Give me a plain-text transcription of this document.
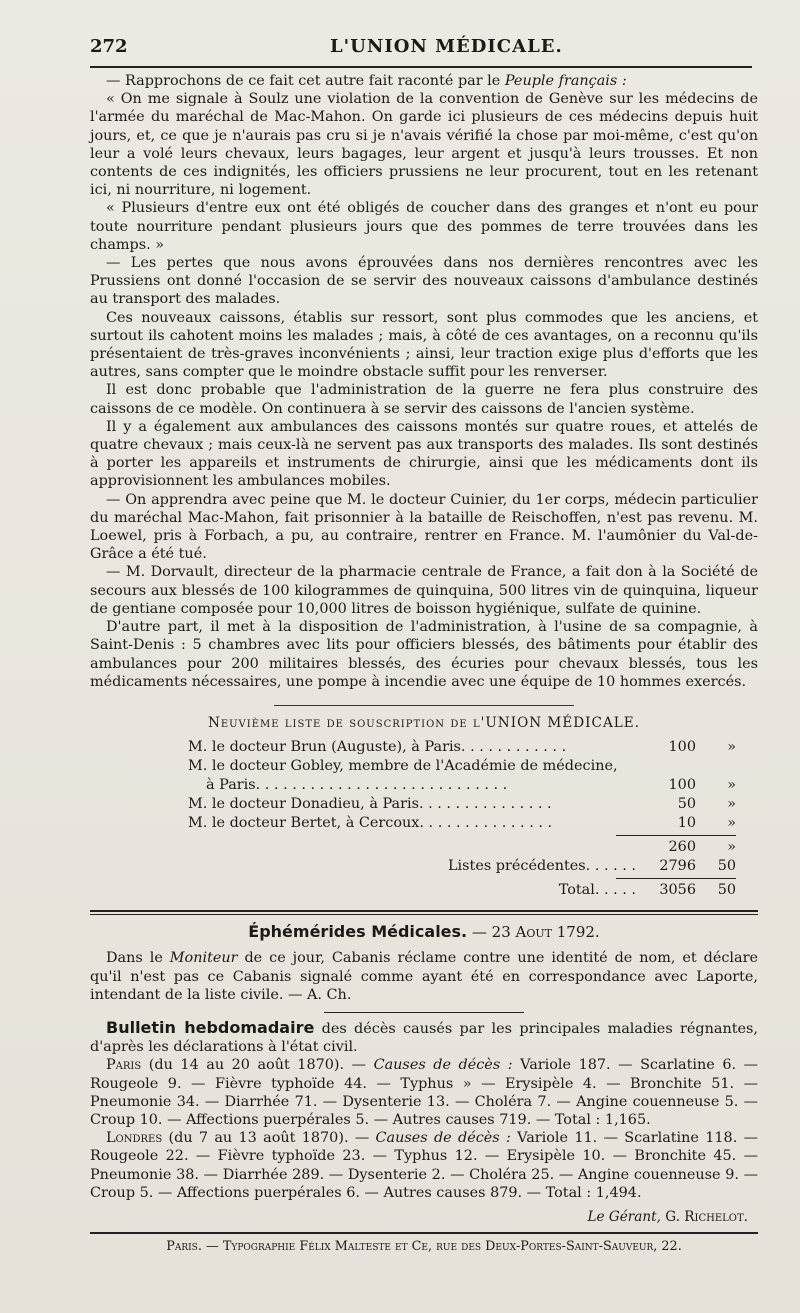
272	L'UNION MÉDICALE.

— Rapprochons de ce fait cet autre fait raconté par le Peuple français :

« On me signale à Soulz une violation de la convention de Genève sur les médecins de l'armée du maréchal de Mac-Mahon. On garde ici plusieurs de ces médecins depuis huit jours, et, ce que je n'aurais pas cru si je n'avais vérifié la chose par moi-même, c'est qu'on leur a volé leurs chevaux, leurs bagages, leur argent et jusqu'à leurs trousses. Et non contents de ces indignités, les officiers prussiens ne leur procurent, tout en les retenant ici, ni nourriture, ni logement.

« Plusieurs d'entre eux ont été obligés de coucher dans des granges et n'ont eu pour toute nourriture pendant plusieurs jours que des pommes de terre trouvées dans les champs. »

— Les pertes que nous avons éprouvées dans nos dernières rencontres avec les Prussiens ont donné l'occasion de se servir des nouveaux caissons d'ambulance destinés au transport des malades.

Ces nouveaux caissons, établis sur ressort, sont plus commodes que les anciens, et surtout ils cahotent moins les malades ; mais, à côté de ces avantages, on a reconnu qu'ils présentaient de très-graves inconvénients ; ainsi, leur traction exige plus d'efforts que les autres, sans compter que le moindre obstacle suffit pour les renverser.

Il est donc probable que l'administration de la guerre ne fera plus construire des caissons de ce modèle. On continuera à se servir des caissons de l'ancien système.

Il y a également aux ambulances des caissons montés sur quatre roues, et attelés de quatre chevaux ; mais ceux-là ne servent pas aux transports des malades. Ils sont destinés à porter les appareils et instruments de chirurgie, ainsi que les médicaments dont ils approvisionnent les ambulances mobiles.

— On apprendra avec peine que M. le docteur Cuinier, du 1er corps, médecin particulier du maréchal Mac-Mahon, fait prisonnier à la bataille de Reischoffen, n'est pas revenu. M. Loewel, pris à Forbach, a pu, au contraire, rentrer en France. M. l'aumônier du Val-de-Grâce a été tué.

— M. Dorvault, directeur de la pharmacie centrale de France, a fait don à la Société de secours aux blessés de 100 kilogrammes de quinquina, 500 litres vin de quinquina, liqueur de gentiane composée pour 10,000 litres de boisson hygiénique, sulfate de quinine.

D'autre part, il met à la disposition de l'administration, à l'usine de sa compagnie, à Saint-Denis : 5 chambres avec lits pour officiers blessés, des bâtiments pour établir des ambulances pour 200 militaires blessés, des écuries pour chevaux blessés, tous les médicaments nécessaires, une pompe à incendie avec une équipe de 10 hommes exercés.

Neuvième liste de souscription de l'UNION MÉDICALE.
M. le docteur Brun (Auguste), à Paris. . . . . . . . . . . .	100	»
M. le docteur Gobley, membre de l'Académie de médecine,
à Paris. . . . . . . . . . . . . . . . . . . . . . . . . . . .	100	»
M. le docteur Donadieu, à Paris. . . . . . . . . . . . . . .	50	»
M. le docteur Bertet, à Cercoux. . . . . . . . . . . . . . .	10	»
260	»
Listes précédentes. . . . . .	2796	50
Total. . . . .	3056	50
Éphémérides Médicales. — 23 Aout 1792.

Dans le Moniteur de ce jour, Cabanis réclame contre une identité de nom, et déclare qu'il n'est pas ce Cabanis signalé comme ayant été en correspondance avec Laporte, intendant de la liste civile. — A. Ch.

Bulletin hebdomadaire des décès causés par les principales maladies régnantes, d'après les déclarations à l'état civil.

Paris (du 14 au 20 août 1870). — Causes de décès : Variole 187. — Scarlatine 6. — Rougeole 9. — Fièvre typhoïde 44. — Typhus » — Erysipèle 4. — Bronchite 51. — Pneumonie 34. — Diarrhée 71. — Dysenterie 13. — Choléra 7. — Angine couenneuse 5. — Croup 10. — Affections puerpérales 5. — Autres causes 719. — Total : 1,165.

Londres (du 7 au 13 août 1870). — Causes de décès : Variole 11. — Scarlatine 118. — Rougeole 22. — Fièvre typhoïde 23. — Typhus 12. — Erysipèle 10. — Bronchite 45. — Pneumonie 38. — Diarrhée 289. — Dysenterie 2. — Choléra 25. — Angine couenneuse 9. — Croup 5. — Affections puerpérales 6. — Autres causes 879. — Total : 1,494.

Le Gérant, G. Richelot.
Paris. — Typographie Félix Malteste et Ce, rue des Deux-Portes-Saint-Sauveur, 22.
